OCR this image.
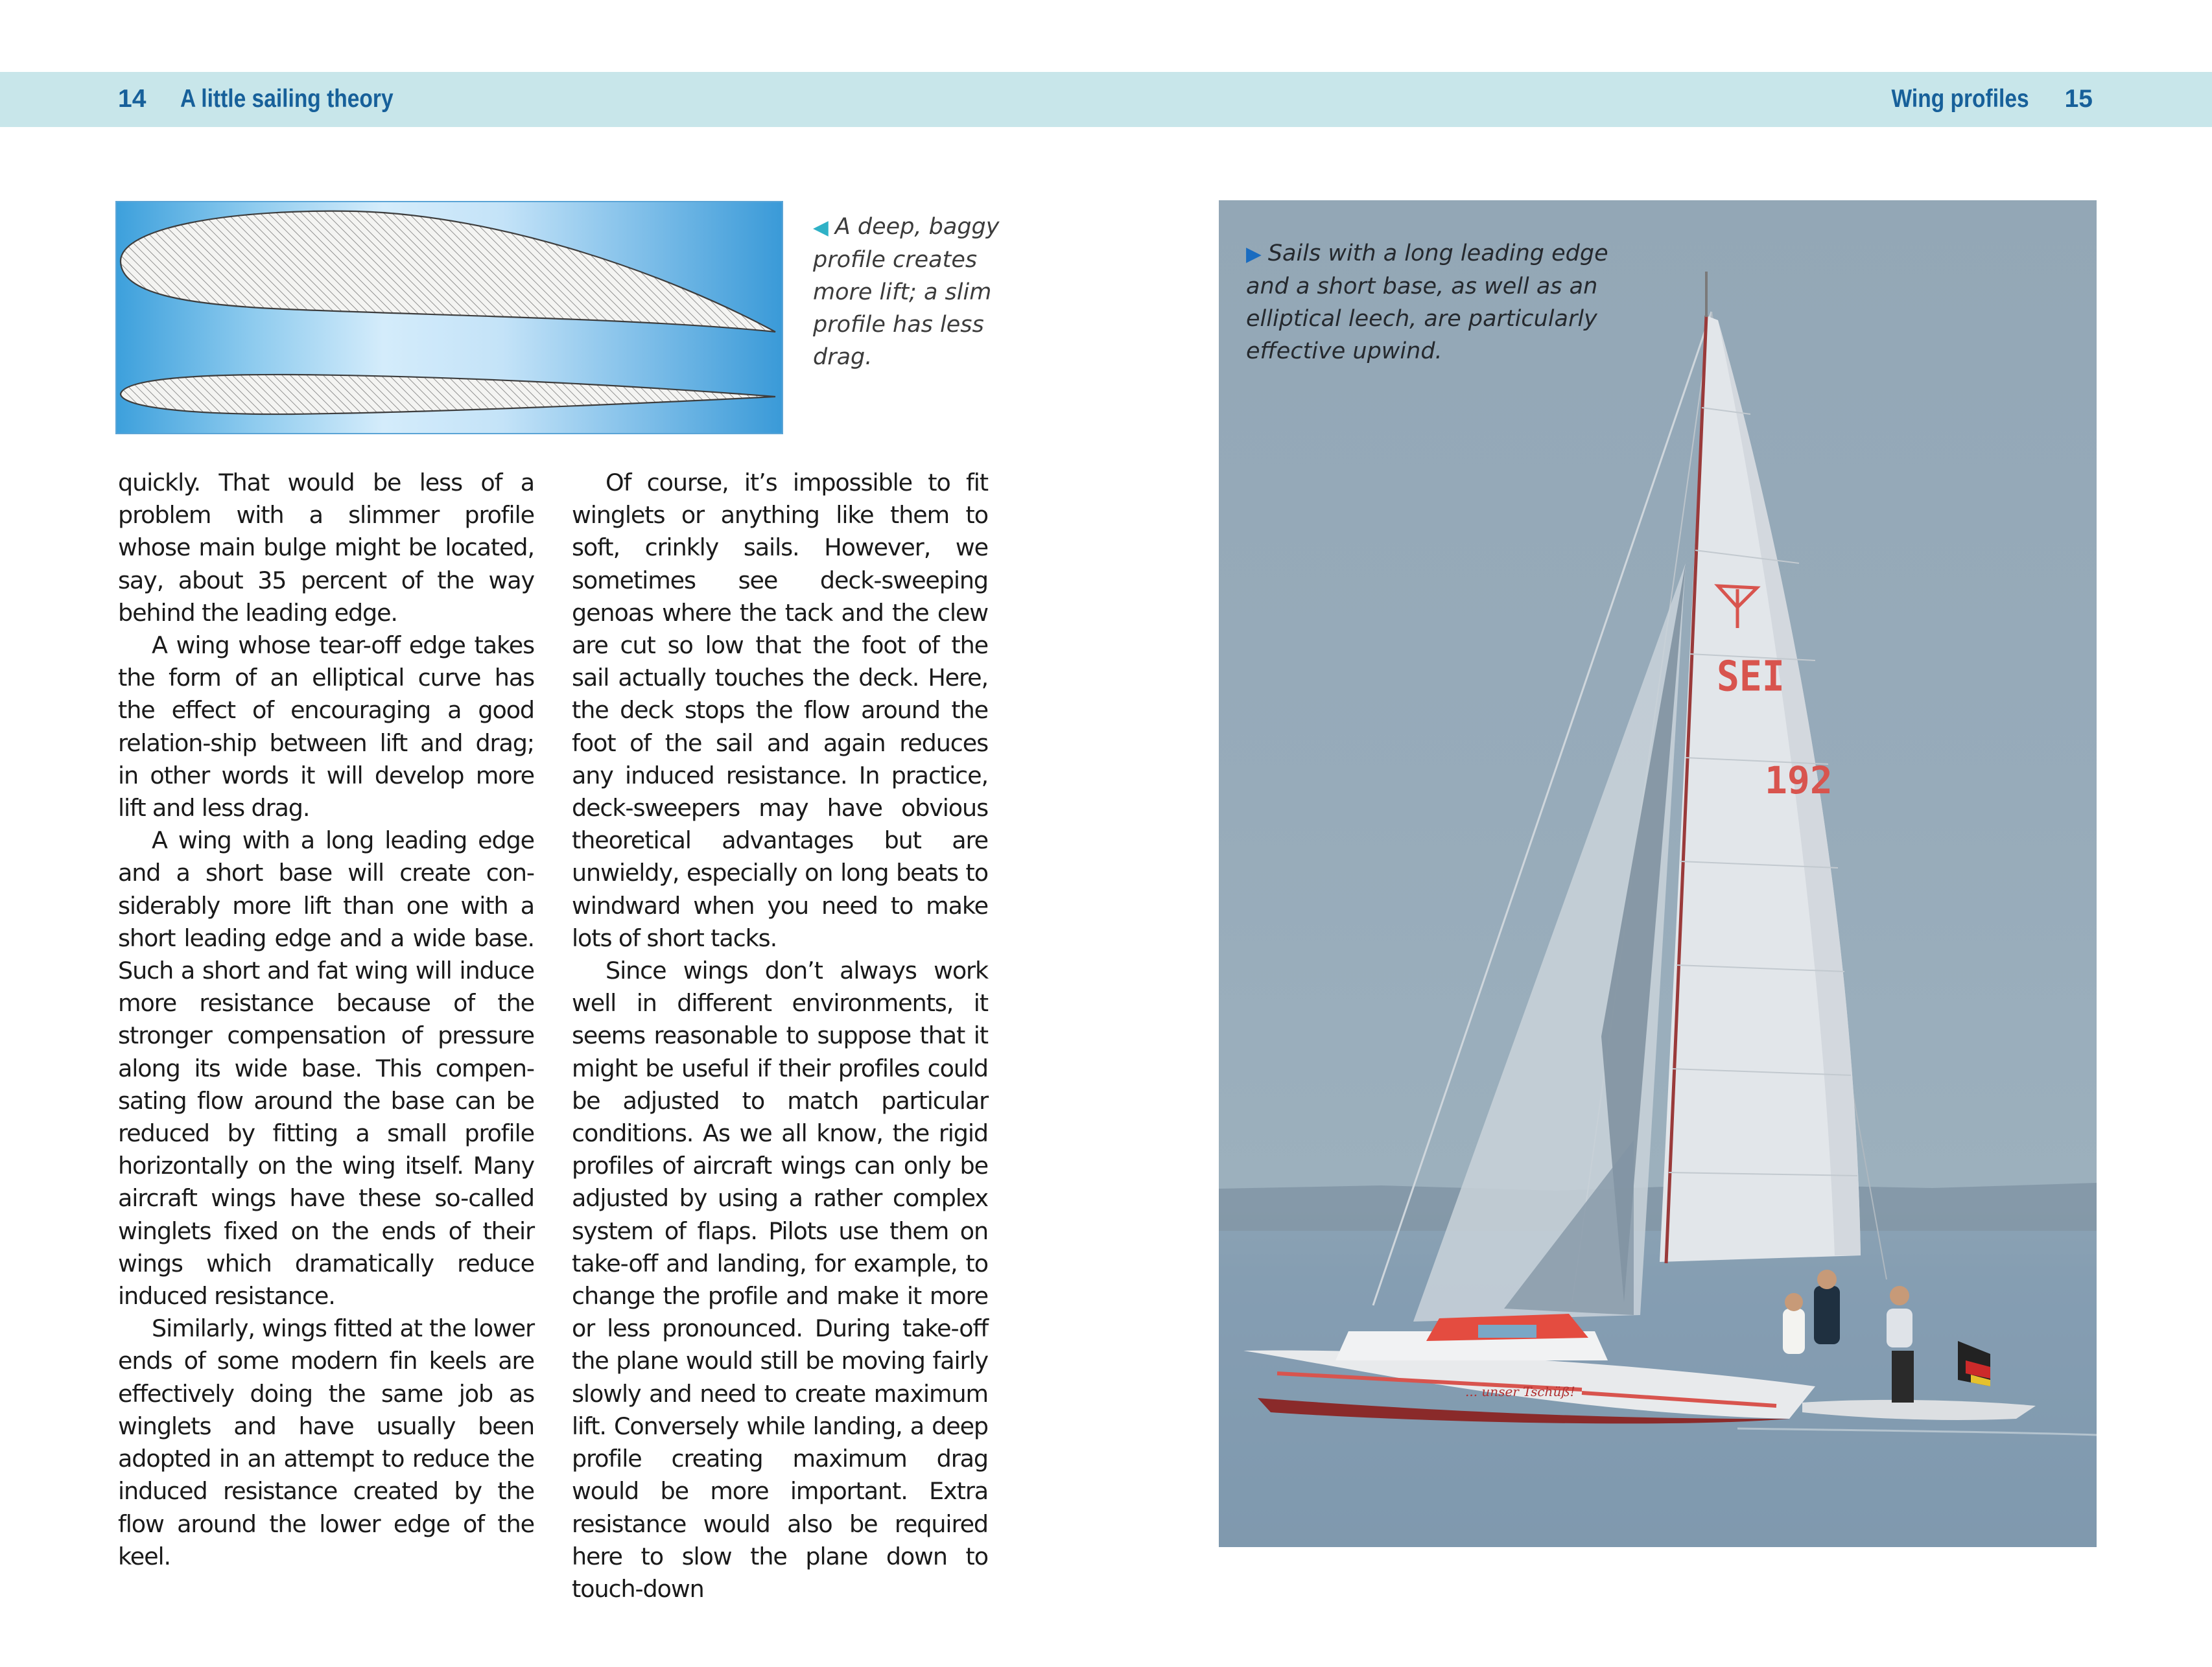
14 A little sailing theory	Wing profiles 15
◀ A deep, baggy profile creates more lift; a slim profile has less drag.

quickly. That would be less of a problem with a slimmer profile whose main bulge might be located, say, about 35 percent of the way behind the leading edge.

A wing whose tear-off edge takes the form of an elliptical curve has the effect of encouraging a good relation-ship between lift and drag; in other words it will develop more lift and less drag.

A wing with a long leading edge and a short base will create con-siderably more lift than one with a short leading edge and a wide base. Such a short and fat wing will induce more resistance because of the stronger compensation of pressure along its wide base. This compen-sating flow around the base can be reduced by fitting a small profile horizontally on the wing itself. Many aircraft wings have these so-called winglets fixed on the ends of their wings which dramatically reduce induced resistance.

Similarly, wings fitted at the lower ends of some modern fin keels are effectively doing the same job as winglets and have usually been adopted in an attempt to reduce the induced resistance created by the flow around the lower edge of the keel.

Of course, it’s impossible to fit winglets or anything like them to soft, crinkly sails. However, we sometimes see deck-sweeping genoas where the tack and the clew are cut so low that the foot of the sail actually touches the deck. Here, the deck stops the flow around the foot of the sail and again reduces any induced resistance. In practice, deck-sweepers may have obvious theoretical advantages but are unwieldy, especially on long beats to windward when you need to make lots of short tacks.

Since wings don’t always work well in different environments, it seems reasonable to suppose that it might be useful if their profiles could be adjusted to match particular conditions. As we all know, the rigid profiles of aircraft wings can only be adjusted by using a rather complex system of flaps. Pilots use them on take-off and landing, for example, to change the profile and make it more or less pronounced. During take-off the plane would still be moving fairly slowly and need to create maximum lift. Conversely while landing, a deep profile creating maximum drag would be more important. Extra resistance would also be required here to slow the plane down to touch-down

SEI
192
... unser Tschüß!
▶ Sails with a long leading edge and a short base, as well as an elliptical leech, are particularly effective upwind.
